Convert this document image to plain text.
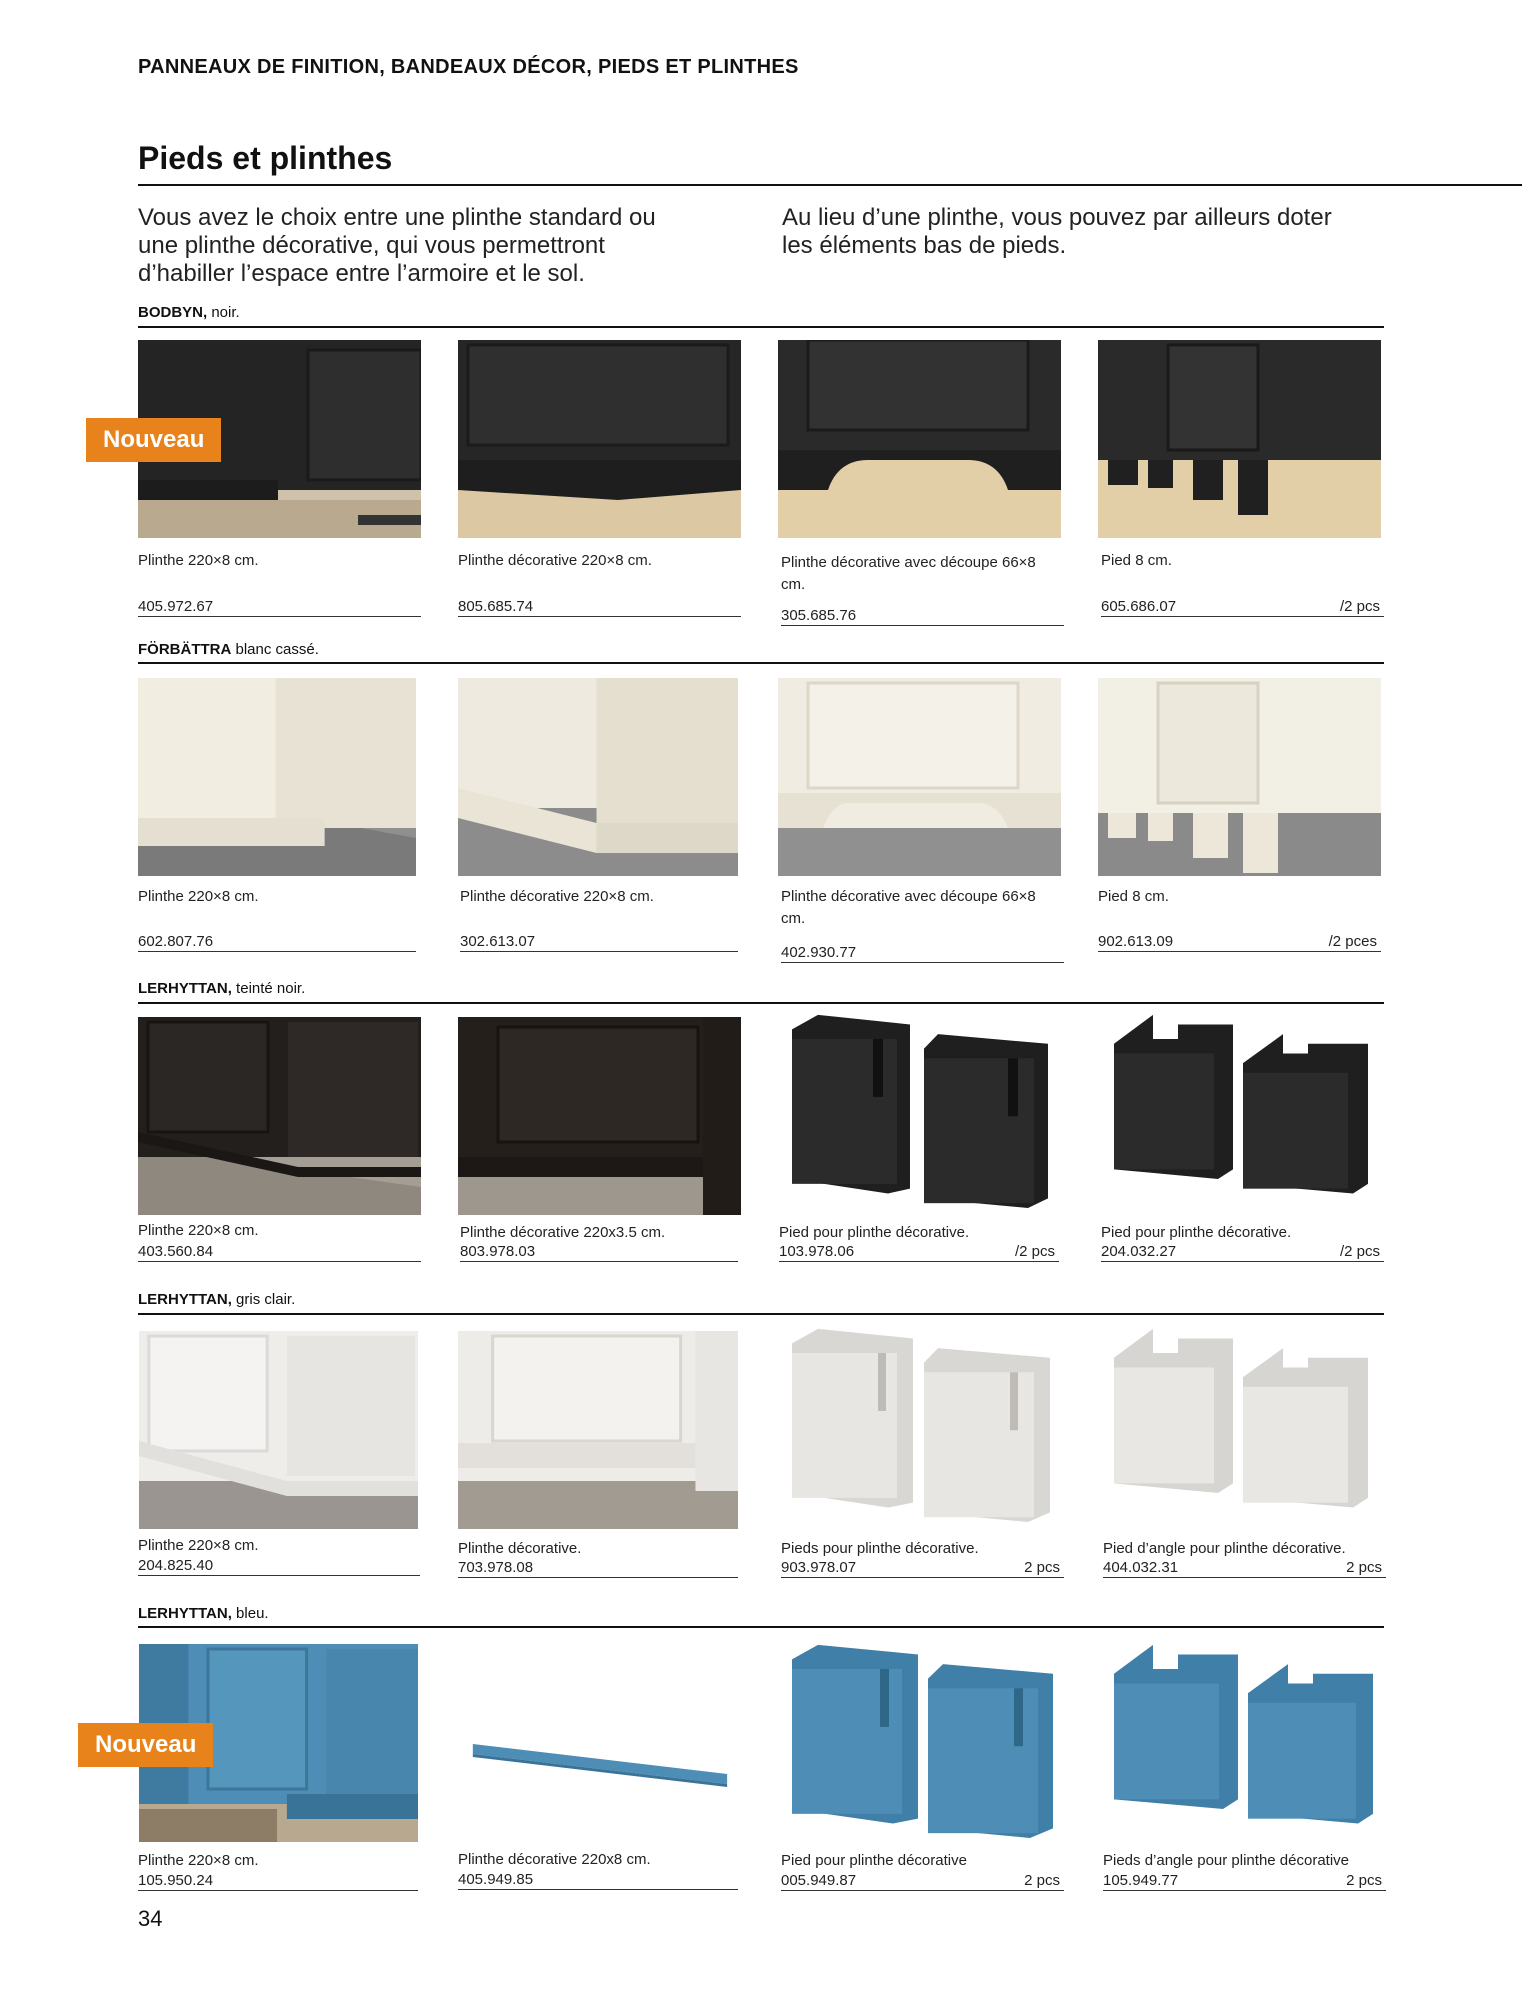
PANNEAUX DE FINITION, BANDEAUX DÉCOR, PIEDS ET PLINTHES
Pieds et plinthes
Vous avez le choix entre une plinthe standard ou une plinthe décorative, qui vous permettront d’habiller l’espace entre l’armoire et le sol.
Au lieu d’une plinthe, vous pouvez par ailleurs doter les éléments bas de pieds.
BODBYN, noir.
Plinthe 220×8 cm.
405.972.67
Plinthe décorative 220×8 cm.
805.685.74
Plinthe décorative avec découpe 66×8 cm.
305.685.76
Pied 8 cm.
605.686.07	/2 pcs
Nouveau
FÖRBÄTTRA blanc cassé.
Plinthe 220×8 cm.
602.807.76
Plinthe décorative 220×8 cm.
302.613.07
Plinthe décorative avec découpe 66×8 cm.
402.930.77
Pied 8 cm.
902.613.09	/2 pces
LERHYTTAN, teinté noir.
Plinthe 220×8 cm.
403.560.84
Plinthe décorative 220x3.5 cm.
803.978.03
Pied pour plinthe décorative.
103.978.06	/2 pcs
Pied pour plinthe décorative.
204.032.27	/2 pcs
LERHYTTAN, gris clair.
Plinthe 220×8 cm.
204.825.40
Plinthe décorative.
703.978.08
Pieds pour plinthe décorative.
903.978.07	2 pcs
Pied d’angle pour plinthe décorative.
404.032.31	2 pcs
LERHYTTAN, bleu.
Nouveau
Plinthe 220×8 cm.
105.950.24
Plinthe décorative 220x8 cm.
405.949.85
Pied pour plinthe décorative
005.949.87	2 pcs
Pieds d’angle pour plinthe décorative
105.949.77	2 pcs
34
